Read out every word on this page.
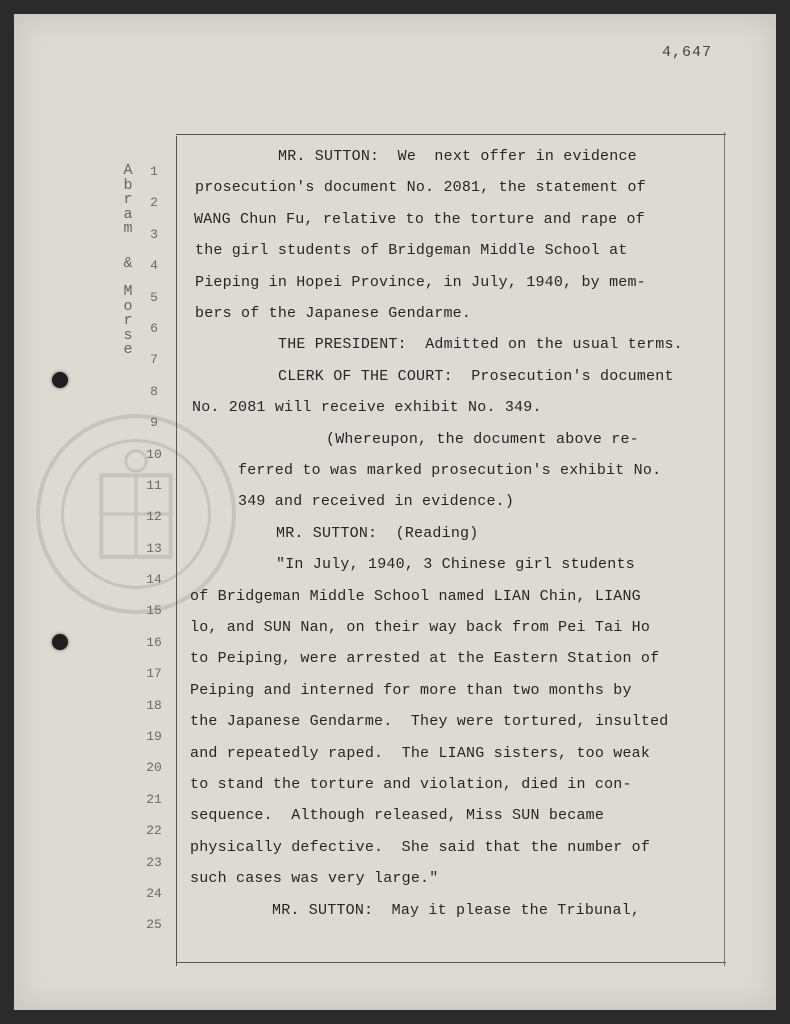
4,647
A
b
r
a
m
&
M
o
r
s
e
1
2
3
4
5
6
7
8
9
10
11
12
13
14
15
16
17
18
19
20
21
22
23
24
25
MR. SUTTON:  We  next offer in evidence
prosecution's document No. 2081, the statement of
WANG Chun Fu, relative to the torture and rape of
the girl students of Bridgeman Middle School at
Pieping in Hopei Province, in July, 1940, by mem-
bers of the Japanese Gendarme.
THE PRESIDENT:  Admitted on the usual terms.
CLERK OF THE COURT:  Prosecution's document
No. 2081 will receive exhibit No. 349.
(Whereupon, the document above re-
ferred to was marked prosecution's exhibit No.
349 and received in evidence.)
MR. SUTTON:  (Reading)
"In July, 1940, 3 Chinese girl students
of Bridgeman Middle School named LIAN Chin, LIANG
lo, and SUN Nan, on their way back from Pei Tai Ho
to Peiping, were arrested at the Eastern Station of
Peiping and interned for more than two months by
the Japanese Gendarme.  They were tortured, insulted
and repeatedly raped.  The LIANG sisters, too weak
to stand the torture and violation, died in con-
sequence.  Although released, Miss SUN became
physically defective.  She said that the number of
such cases was very large."
MR. SUTTON:  May it please the Tribunal,
